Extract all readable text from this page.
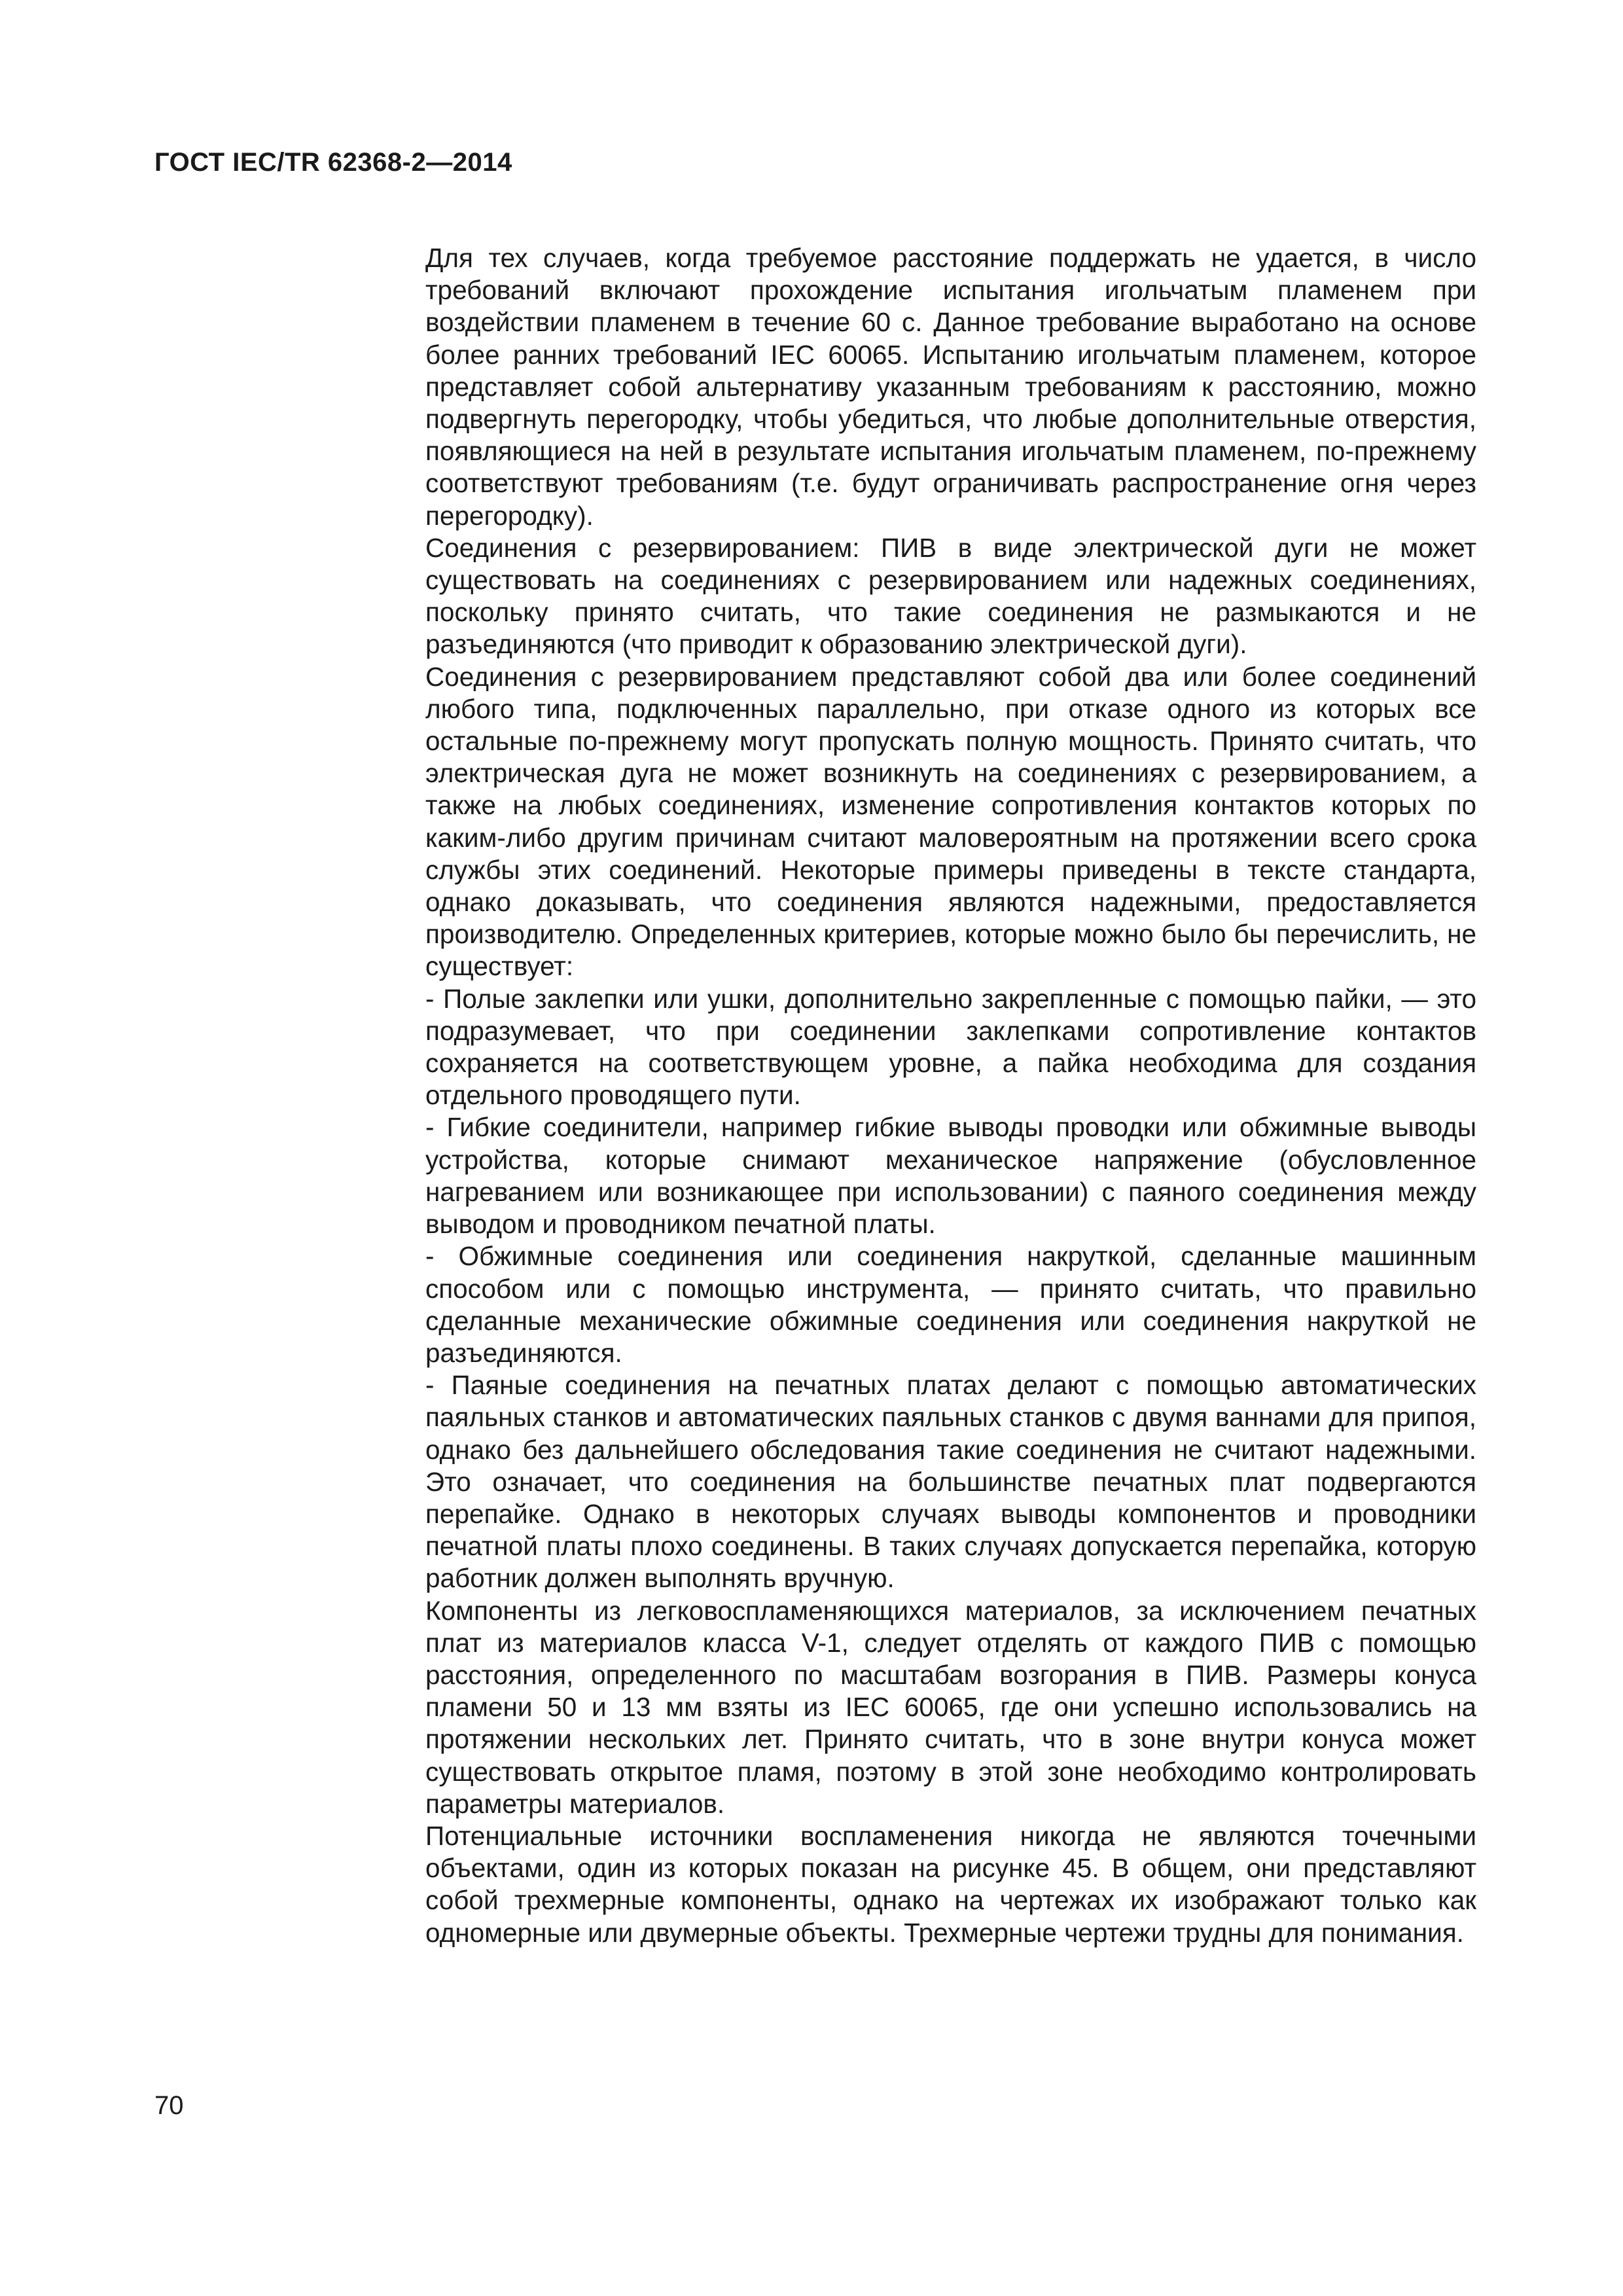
ГОСТ IEC/TR 62368-2—2014

Для тех случаев, когда требуемое расстояние поддержать не удается, в число требований включают прохождение испытания игольчатым пламенем при воздействии пламенем в течение 60 с. Данное требование выработано на основе более ранних требований IEC 60065. Испытанию игольчатым пламенем, которое представляет собой альтернативу указанным требованиям к расстоянию, можно подвергнуть перегородку, чтобы убедиться, что любые дополнительные отверстия, появляющиеся на ней в результате испытания игольчатым пламенем, по-прежнему соответствуют требованиям (т.е. будут ограничивать распространение огня через перегородку).

Соединения с резервированием: ПИВ в виде электрической дуги не может существовать на соединениях с резервированием или надежных соединениях, поскольку принято считать, что такие соединения не размыкаются и не разъединяются (что приводит к образованию электрической дуги).

Соединения с резервированием представляют собой два или более соединений любого типа, подключенных параллельно, при отказе одного из которых все остальные по-прежнему могут пропускать полную мощность. Принято считать, что электрическая дуга не может возникнуть на соединениях с резервированием, а также на любых соединениях, изменение сопротивления контактов которых по каким-либо другим причинам считают маловероятным на протяжении всего срока службы этих соединений. Некоторые примеры приведены в тексте стандарта, однако доказывать, что соединения являются надежными, предоставляется производителю. Определенных критериев, которые можно было бы перечислить, не существует:

- Полые заклепки или ушки, дополнительно закрепленные с помощью пайки, — это подразумевает, что при соединении заклепками сопротивление контактов сохраняется на соответствующем уровне, а пайка необходима для создания отдельного проводящего пути.

- Гибкие соединители, например гибкие выводы проводки или обжимные выводы устройства, которые снимают механическое напряжение (обусловленное нагреванием или возникающее при использовании) с паяного соединения между выводом и проводником печатной платы.

- Обжимные соединения или соединения накруткой, сделанные машинным способом или с помощью инструмента, — принято считать, что правильно сделанные механические обжимные соединения или соединения накруткой не разъединяются.

- Паяные соединения на печатных платах делают с помощью автоматических паяльных станков и автоматических паяльных станков с двумя ваннами для припоя, однако без дальнейшего обследования такие соединения не считают надежными. Это означает, что соединения на большинстве печатных плат подвергаются перепайке. Однако в некоторых случаях выводы компонентов и проводники печатной платы плохо соединены. В таких случаях допускается перепайка, которую работник должен выполнять вручную.

Компоненты из легковоспламеняющихся материалов, за исключением печатных плат из материалов класса V-1, следует отделять от каждого ПИВ с помощью расстояния, определенного по масштабам возгорания в ПИВ. Размеры конуса пламени 50 и 13 мм взяты из IEC 60065, где они успешно использовались на протяжении нескольких лет. Принято считать, что в зоне внутри конуса может существовать открытое пламя, поэтому в этой зоне необходимо контролировать параметры материалов.

Потенциальные источники воспламенения никогда не являются точечными объектами, один из которых показан на рисунке 45. В общем, они представляют собой трехмерные компоненты, однако на чертежах их изображают только как одномерные или двумерные объекты. Трехмерные чертежи трудны для понимания.

70
